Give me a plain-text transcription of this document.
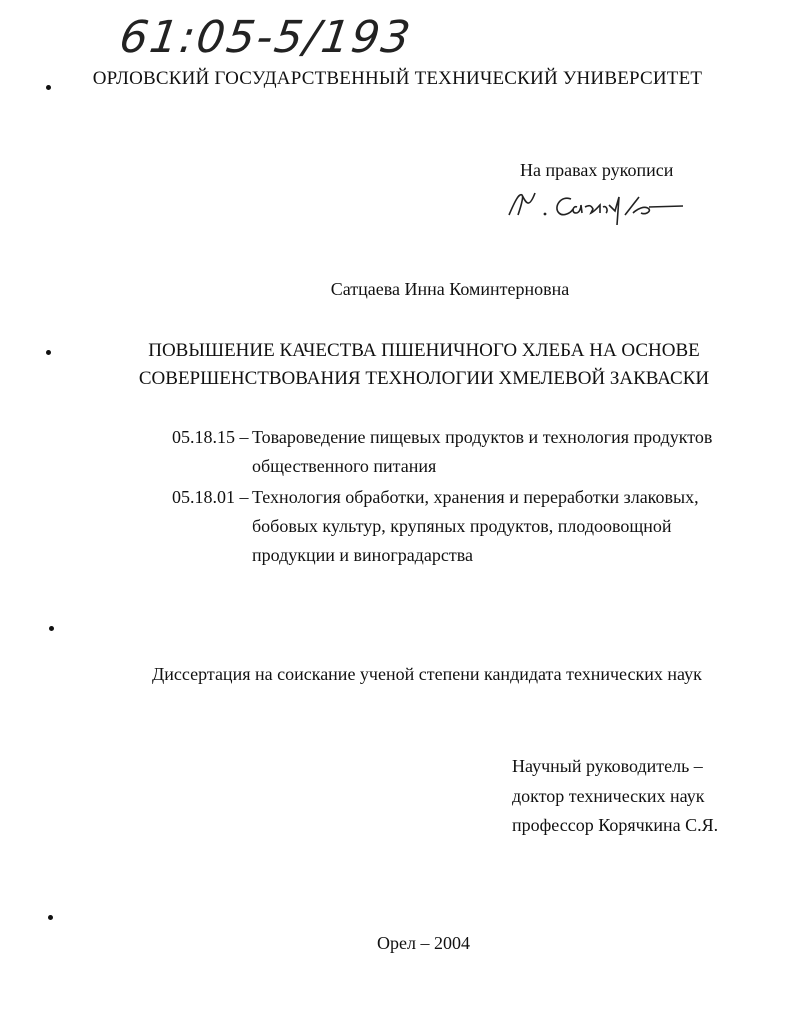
61:05-5/193
ОРЛОВСКИЙ ГОСУДАРСТВЕННЫЙ ТЕХНИЧЕСКИЙ УНИВЕРСИТЕТ
На правах рукописи
Сатцаева Инна Коминтерновна
ПОВЫШЕНИЕ КАЧЕСТВА ПШЕНИЧНОГО ХЛЕБА НА ОСНОВЕ
СОВЕРШЕНСТВОВАНИЯ ТЕХНОЛОГИИ ХМЕЛЕВОЙ ЗАКВАСКИ
05.18.15 – Товароведение пищевых продуктов и технология продуктов
общественного питания
05.18.01 – Технология обработки, хранения и переработки злаковых,
бобовых культур, крупяных продуктов, плодоовощной
продукции и виноградарства
Диссертация на соискание ученой степени кандидата технических наук
Научный руководитель –
доктор технических наук
профессор Корячкина С.Я.
Орел – 2004
